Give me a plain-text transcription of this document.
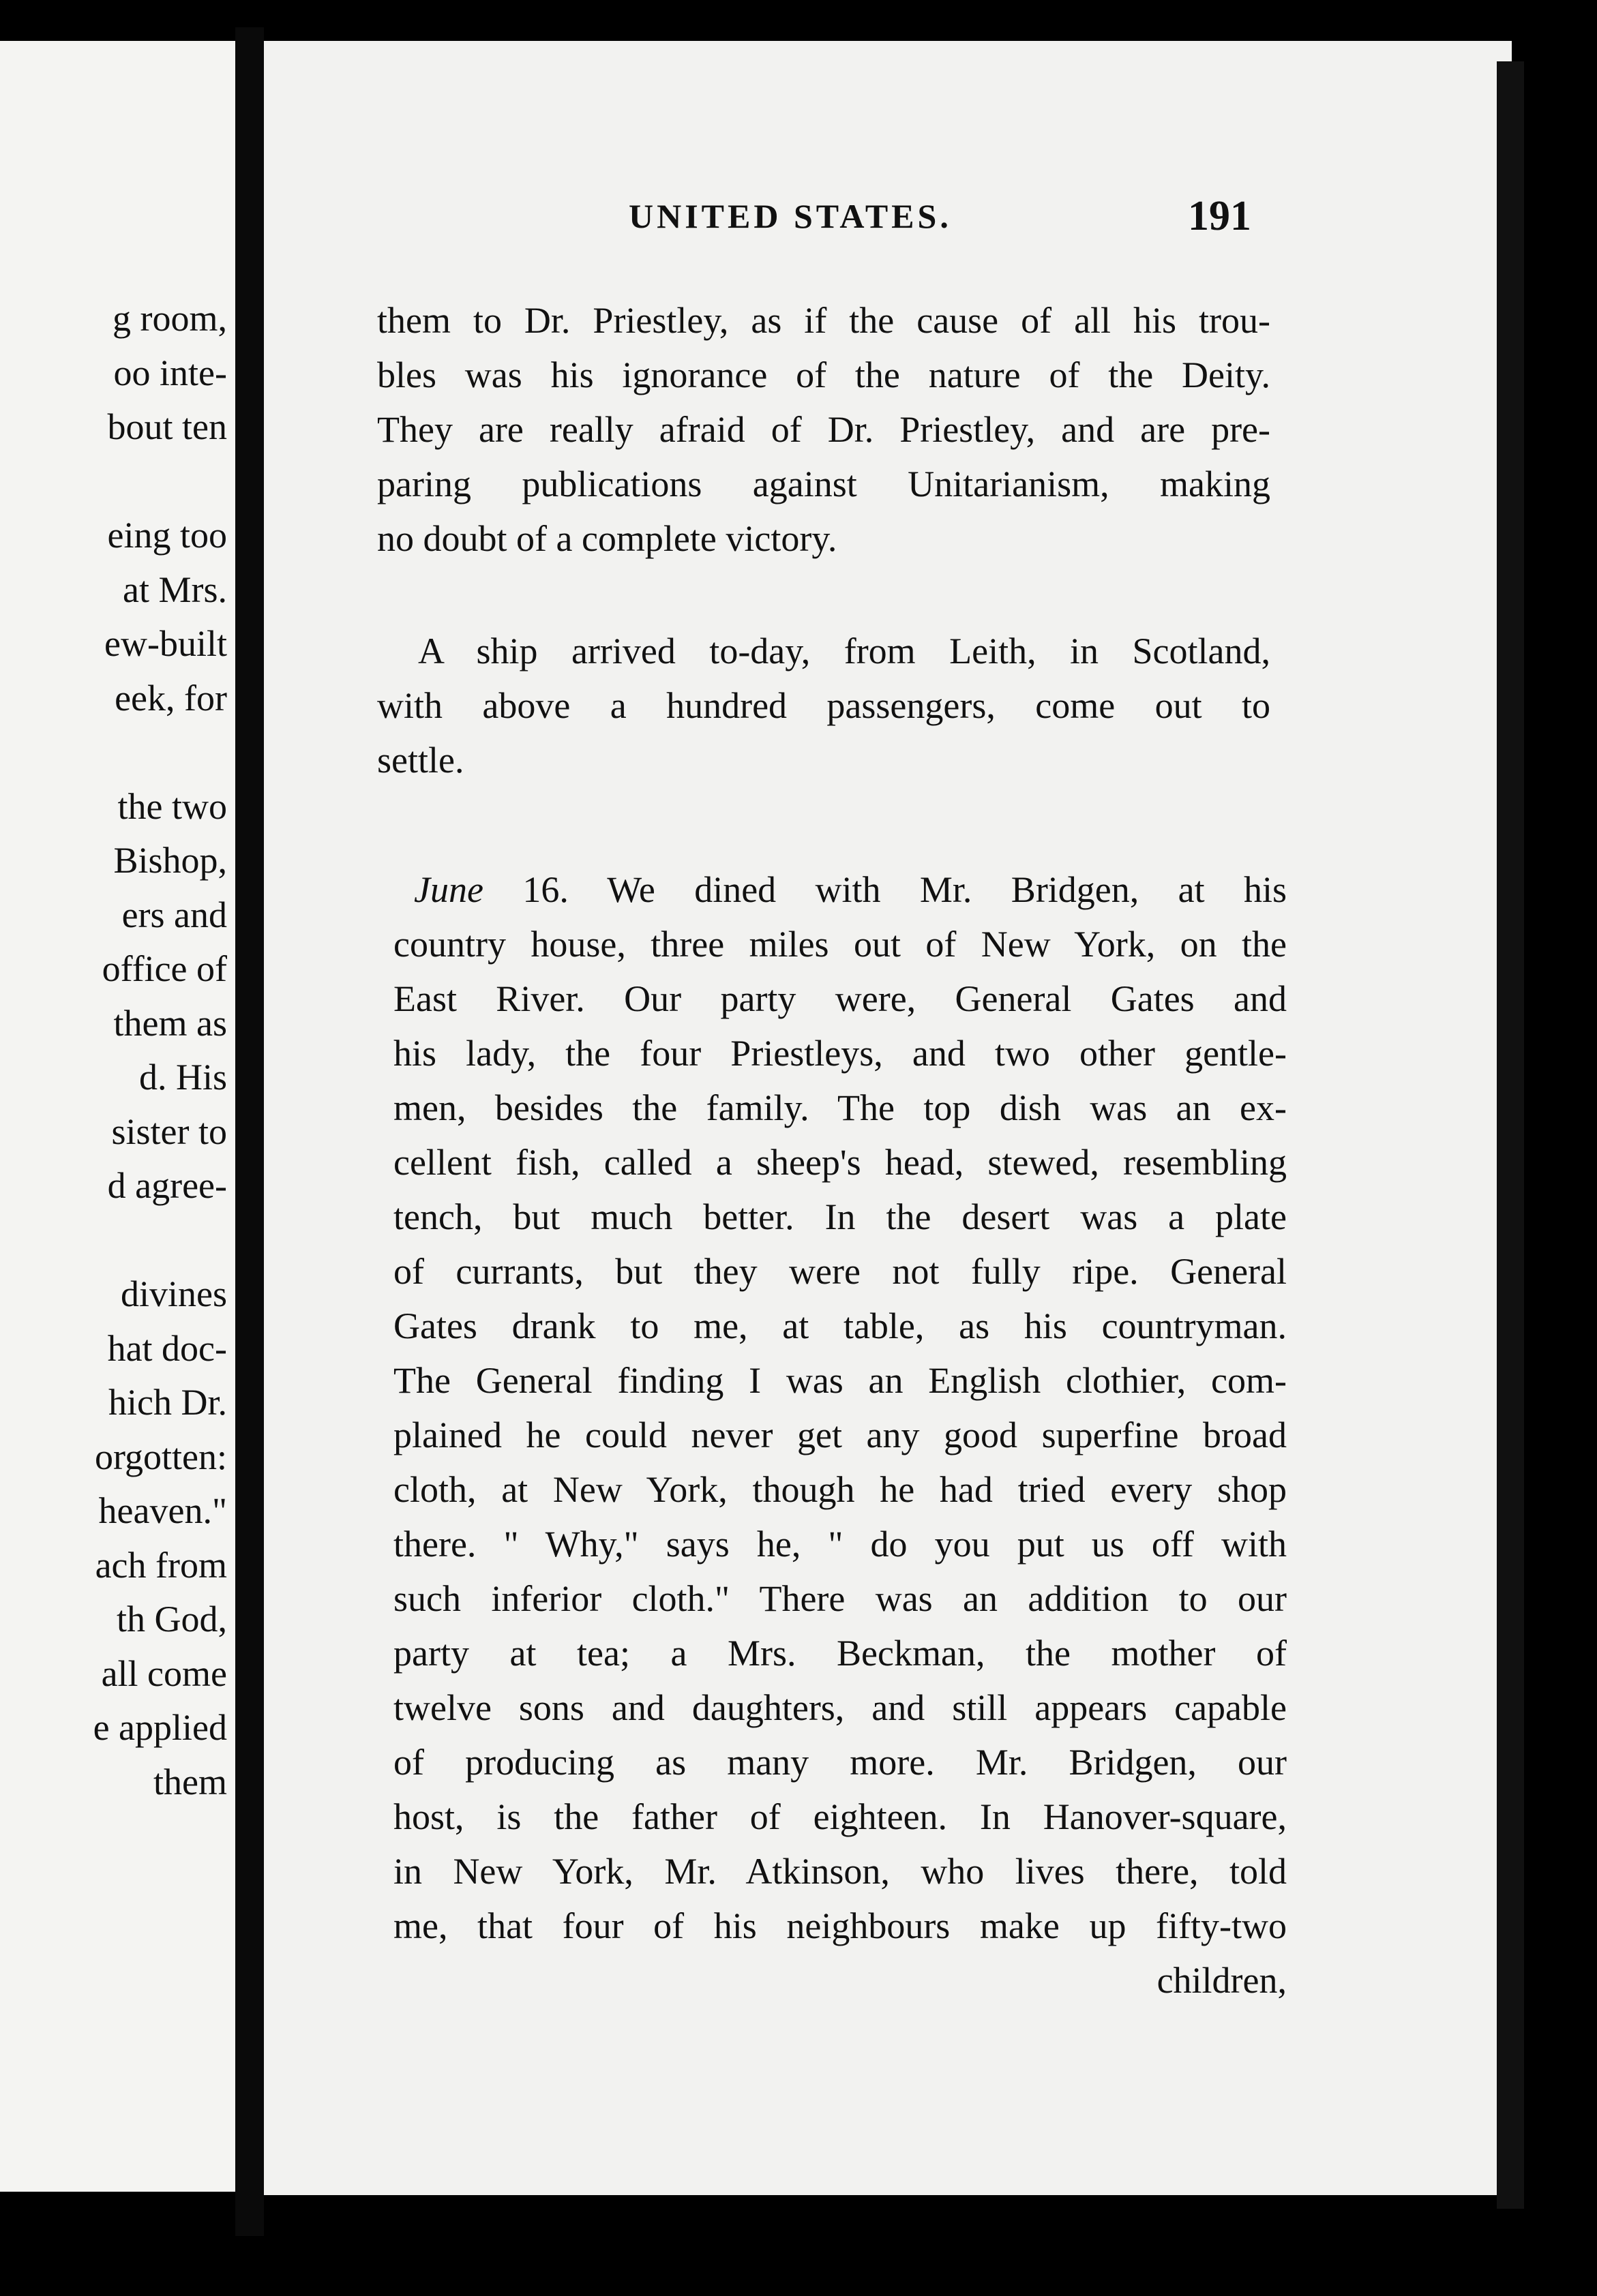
g room,
oo inte-
bout ten
eing too
at Mrs.
ew-built
eek, for
the two
Bishop,
ers and
office of
them as
d. His
sister to
d agree-
divines
hat doc-
hich Dr.
orgotten:
heaven."
ach from
th God,
all come
e applied
them
UNITED STATES.	191
them to Dr. Priestley, as if the cause of all his trou-
bles was his ignorance of the nature of the Deity.
They are really afraid of Dr. Priestley, and are pre-
paring publications against Unitarianism, making
no doubt of a complete victory.
A ship arrived to-day, from Leith, in Scotland,
with above a hundred passengers, come out to
settle.
June 16. We dined with Mr. Bridgen, at his
country house, three miles out of New York, on the
East River. Our party were, General Gates and
his lady, the four Priestleys, and two other gentle-
men, besides the family. The top dish was an ex-
cellent fish, called a sheep's head, stewed, resembling
tench, but much better. In the desert was a plate
of currants, but they were not fully ripe. General
Gates drank to me, at table, as his countryman.
The General finding I was an English clothier, com-
plained he could never get any good superfine broad
cloth, at New York, though he had tried every shop
there. " Why," says he, " do you put us off with
such inferior cloth." There was an addition to our
party at tea; a Mrs. Beckman, the mother of
twelve sons and daughters, and still appears capable
of producing as many more. Mr. Bridgen, our
host, is the father of eighteen. In Hanover-square,
in New York, Mr. Atkinson, who lives there, told
me, that four of his neighbours make up fifty-two
children,
